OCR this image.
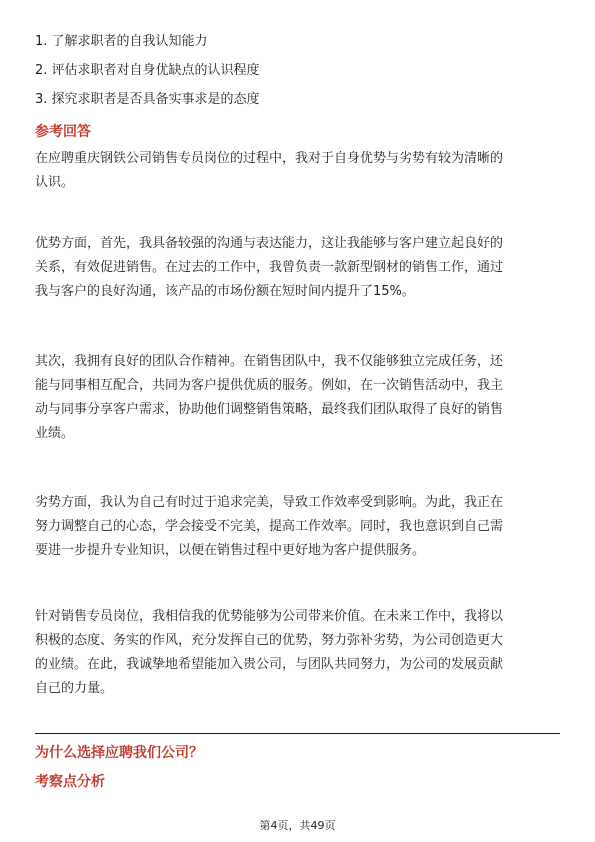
1. 了解求职者的自我认知能力
2. 评估求职者对自身优缺点的认识程度
3. 探究求职者是否具备实事求是的态度
参考回答
在应聘重庆钢铁公司销售专员岗位的过程中，我对于自身优势与劣势有较为清晰的
认识。
优势方面，首先，我具备较强的沟通与表达能力，这让我能够与客户建立起良好的
关系，有效促进销售。在过去的工作中，我曾负责一款新型钢材的销售工作，通过
我与客户的良好沟通，该产品的市场份额在短时间内提升了15%。
其次，我拥有良好的团队合作精神。在销售团队中，我不仅能够独立完成任务，还
能与同事相互配合，共同为客户提供优质的服务。例如，在一次销售活动中，我主
动与同事分享客户需求，协助他们调整销售策略，最终我们团队取得了良好的销售
业绩。
劣势方面，我认为自己有时过于追求完美，导致工作效率受到影响。为此，我正在
努力调整自己的心态，学会接受不完美，提高工作效率。同时，我也意识到自己需
要进一步提升专业知识，以便在销售过程中更好地为客户提供服务。
针对销售专员岗位，我相信我的优势能够为公司带来价值。在未来工作中，我将以
积极的态度、务实的作风，充分发挥自己的优势，努力弥补劣势，为公司创造更大
的业绩。在此，我诚挚地希望能加入贵公司，与团队共同努力，为公司的发展贡献
自己的力量。
为什么选择应聘我们公司？
考察点分析
第4页，共49页
